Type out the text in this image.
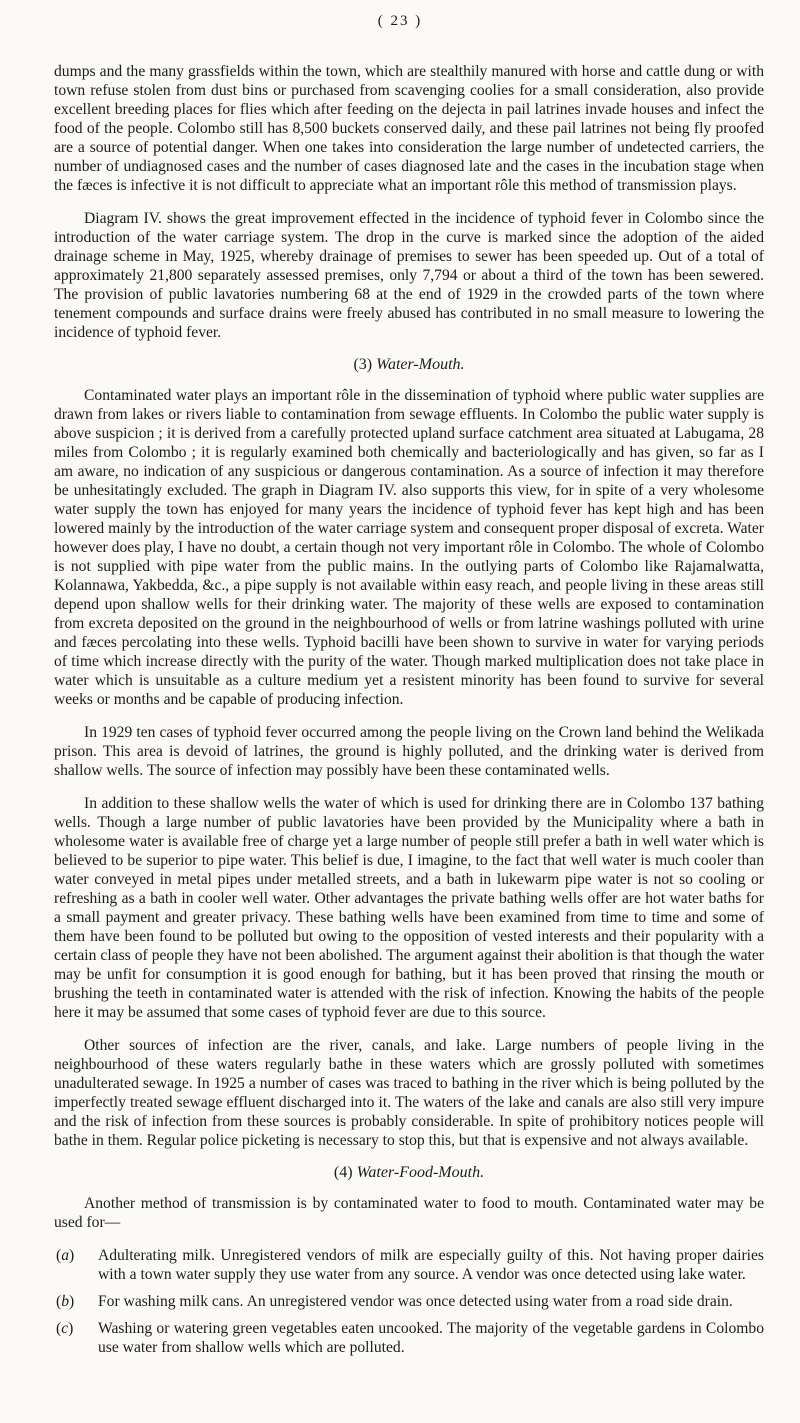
( 23 )

dumps and the many grassfields within the town, which are stealthily manured with horse and cattle dung or with town refuse stolen from dust bins or purchased from scavenging coolies for a small consideration, also provide excellent breeding places for flies which after feeding on the dejecta in pail latrines invade houses and infect the food of the people. Colombo still has 8,500 buckets conserved daily, and these pail latrines not being fly proofed are a source of potential danger. When one takes into consideration the large number of undetected carriers, the number of undiagnosed cases and the number of cases diagnosed late and the cases in the incubation stage when the fæces is infective it is not difficult to appreciate what an important rôle this method of transmission plays.

Diagram IV. shows the great improvement effected in the incidence of typhoid fever in Colombo since the introduction of the water carriage system. The drop in the curve is marked since the adoption of the aided drainage scheme in May, 1925, whereby drainage of premises to sewer has been speeded up. Out of a total of approximately 21,800 separately assessed premises, only 7,794 or about a third of the town has been sewered. The provision of public lavatories numbering 68 at the end of 1929 in the crowded parts of the town where tenement compounds and surface drains were freely abused has contributed in no small measure to lowering the incidence of typhoid fever.

(3) Water-Mouth.

Contaminated water plays an important rôle in the dissemination of typhoid where public water supplies are drawn from lakes or rivers liable to contamination from sewage effluents. In Colombo the public water supply is above suspicion ; it is derived from a carefully protected upland surface catchment area situated at Labugama, 28 miles from Colombo ; it is regularly examined both chemically and bacteriologically and has given, so far as I am aware, no indication of any suspicious or dangerous contamination. As a source of infection it may therefore be unhesitatingly excluded. The graph in Diagram IV. also supports this view, for in spite of a very wholesome water supply the town has enjoyed for many years the incidence of typhoid fever has kept high and has been lowered mainly by the introduction of the water carriage system and consequent proper disposal of excreta. Water however does play, I have no doubt, a certain though not very important rôle in Colombo. The whole of Colombo is not supplied with pipe water from the public mains. In the outlying parts of Colombo like Rajamalwatta, Kolannawa, Yakbedda, &c., a pipe supply is not available within easy reach, and people living in these areas still depend upon shallow wells for their drinking water. The majority of these wells are exposed to contamination from excreta deposited on the ground in the neighbourhood of wells or from latrine washings polluted with urine and fæces percolating into these wells. Typhoid bacilli have been shown to survive in water for varying periods of time which increase directly with the purity of the water. Though marked multiplication does not take place in water which is unsuitable as a culture medium yet a resistent minority has been found to survive for several weeks or months and be capable of producing infection.

In 1929 ten cases of typhoid fever occurred among the people living on the Crown land behind the Welikada prison. This area is devoid of latrines, the ground is highly polluted, and the drinking water is derived from shallow wells. The source of infection may possibly have been these contaminated wells.

In addition to these shallow wells the water of which is used for drinking there are in Colombo 137 bathing wells. Though a large number of public lavatories have been provided by the Municipality where a bath in wholesome water is available free of charge yet a large number of people still prefer a bath in well water which is believed to be superior to pipe water. This belief is due, I imagine, to the fact that well water is much cooler than water conveyed in metal pipes under metalled streets, and a bath in lukewarm pipe water is not so cooling or refreshing as a bath in cooler well water. Other advantages the private bathing wells offer are hot water baths for a small payment and greater privacy. These bathing wells have been examined from time to time and some of them have been found to be polluted but owing to the opposition of vested interests and their popularity with a certain class of people they have not been abolished. The argument against their abolition is that though the water may be unfit for consumption it is good enough for bathing, but it has been proved that rinsing the mouth or brushing the teeth in contaminated water is attended with the risk of infection. Knowing the habits of the people here it may be assumed that some cases of typhoid fever are due to this source.

Other sources of infection are the river, canals, and lake. Large numbers of people living in the neighbourhood of these waters regularly bathe in these waters which are grossly polluted with sometimes unadulterated sewage. In 1925 a number of cases was traced to bathing in the river which is being polluted by the imperfectly treated sewage effluent discharged into it. The waters of the lake and canals are also still very impure and the risk of infection from these sources is probably considerable. In spite of prohibitory notices people will bathe in them. Regular police picketing is necessary to stop this, but that is expensive and not always available.

(4) Water-Food-Mouth.

Another method of transmission is by contaminated water to food to mouth. Contaminated water may be used for—

(a)	Adulterating milk. Unregistered vendors of milk are especially guilty of this. Not having proper dairies with a town water supply they use water from any source. A vendor was once detected using lake water.
(b)	For washing milk cans. An unregistered vendor was once detected using water from a road side drain.
(c)	Washing or watering green vegetables eaten uncooked. The majority of the vegetable gardens in Colombo use water from shallow wells which are polluted.
